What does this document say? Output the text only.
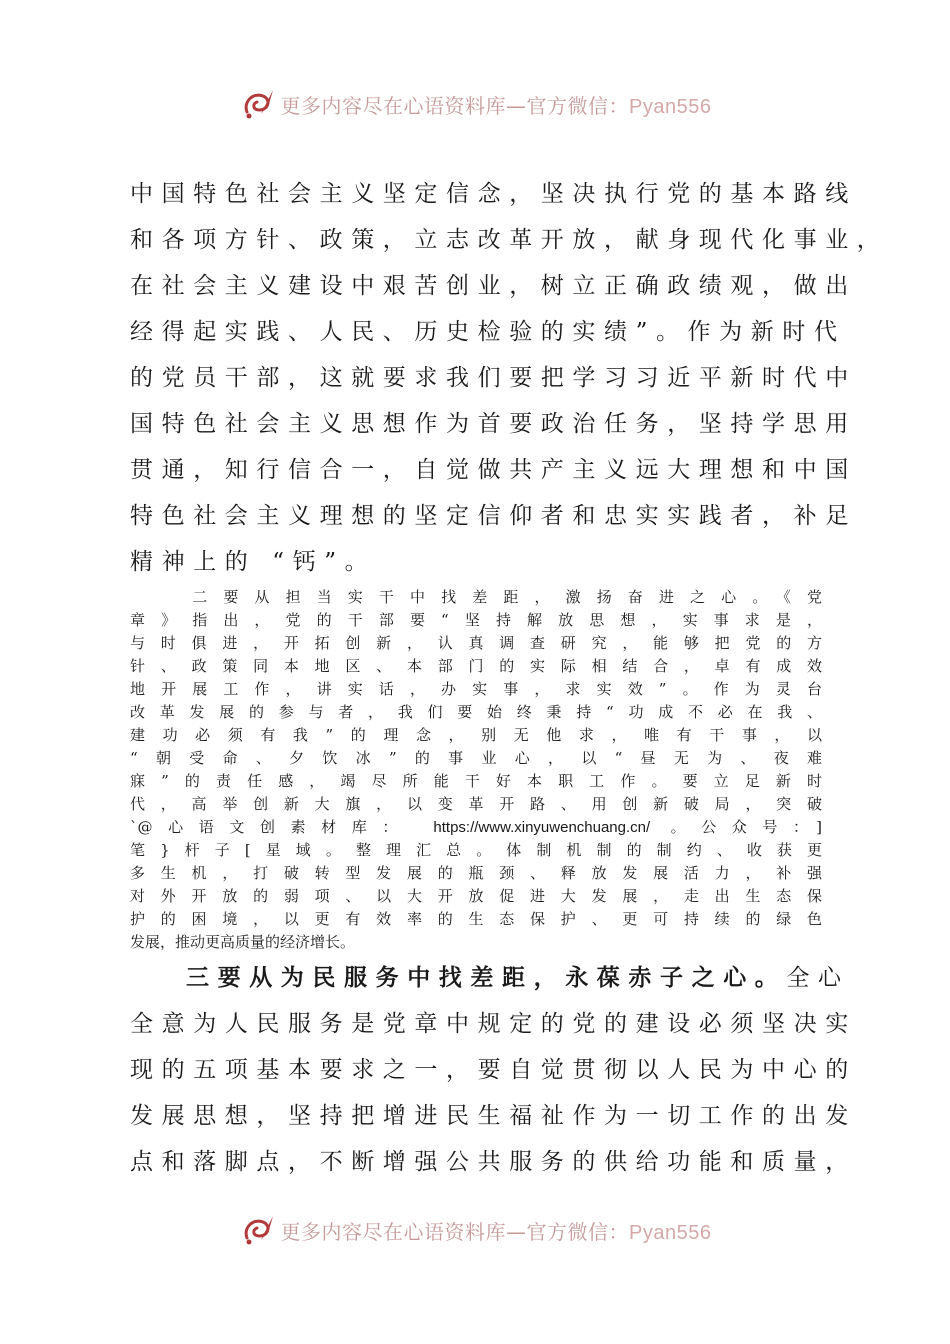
更多内容尽在心语资料库—官方微信：Pyan556
中国特色社会主义坚定信念，坚决执行党的基本路线
和各项方针、政策，立志改革开放，献身现代化事业，
在社会主义建设中艰苦创业，树立正确政绩观，做出
经得起实践、人民、历史检验的实绩”。作为新时代
的党员干部，这就要求我们要把学习习近平新时代中
国特色社会主义思想作为首要政治任务，坚持学思用
贯通，知行信合一，自觉做共产主义远大理想和中国
特色社会主义理想的坚定信仰者和忠实实践者，补足
精神上的 “钙”。
　　二要从担当实干中找差距，激扬奋进之心。《党
章》指出，党的干部要“坚持解放思想，实事求是，
与时俱进，开拓创新，认真调查研究，能够把党的方
针、政策同本地区、本部门的实际相结合，卓有成效
地开展工作，讲实话，办实事，求实效”。作为灵台
改革发展的参与者，我们要始终秉持“功成不必在我、
建功必须有我”的理念，别无他求，唯有干事，以
“朝受命、夕饮冰”的事业心，以“昼无为、夜难
寐”的责任感，竭尽所能干好本职工作。要立足新时
代，高举创新大旗，以变革开路、用创新破局，突破
`@心语文创素材库： https://www.xinyuwenchuang.cn/ 。公众号：]
笔}杆子[星域。整理汇总。体制机制的制约、收获更
多生机，打破转型发展的瓶颈、释放发展活力，补强
对外开放的弱项、以大开放促进大发展，走出生态保
护的困境，以更有效率的生态保护、更可持续的绿色
发展，推动更高质量的经济增长。
三要从为民服务中找差距，永葆赤子之心。全心
全意为人民服务是党章中规定的党的建设必须坚决实
现的五项基本要求之一，要自觉贯彻以人民为中心的
发展思想，坚持把增进民生福祉作为一切工作的出发
点和落脚点，不断增强公共服务的供给功能和质量，
更多内容尽在心语资料库—官方微信：Pyan556
